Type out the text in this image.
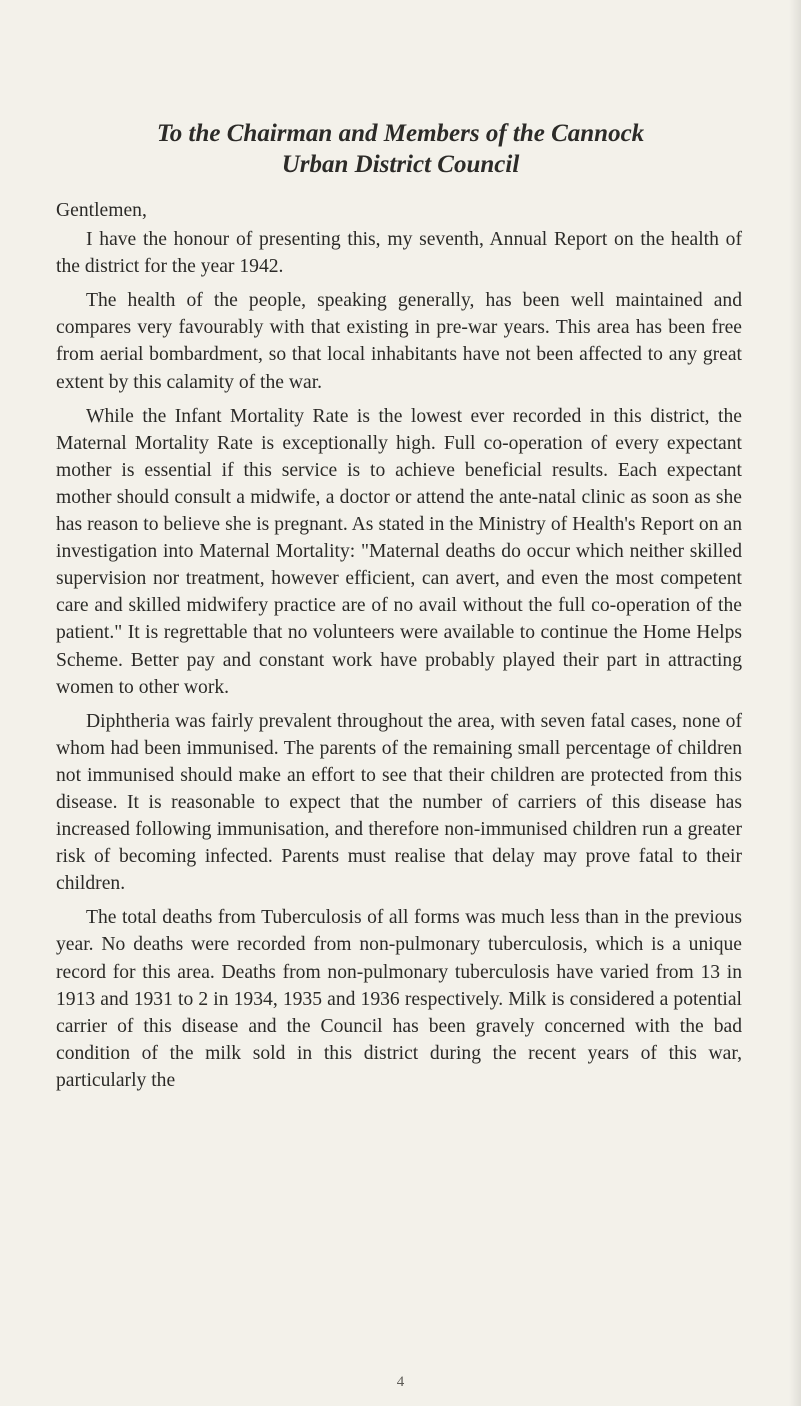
To the Chairman and Members of the Cannock
Urban District Council

Gentlemen,

I have the honour of presenting this, my seventh, Annual Report on the health of the district for the year 1942.

The health of the people, speaking generally, has been well maintained and compares very favourably with that existing in pre-war years. This area has been free from aerial bombardment, so that local inhabitants have not been affected to any great extent by this calamity of the war.

While the Infant Mortality Rate is the lowest ever recorded in this district, the Maternal Mortality Rate is exceptionally high. Full co-operation of every expectant mother is essential if this service is to achieve beneficial results. Each expectant mother should consult a midwife, a doctor or attend the ante-natal clinic as soon as she has reason to believe she is pregnant. As stated in the Ministry of Health's Report on an investigation into Maternal Mortality: "Maternal deaths do occur which neither skilled supervision nor treatment, however efficient, can avert, and even the most competent care and skilled midwifery practice are of no avail without the full co-operation of the patient." It is regrettable that no volunteers were available to continue the Home Helps Scheme. Better pay and constant work have probably played their part in attracting women to other work.

Diphtheria was fairly prevalent throughout the area, with seven fatal cases, none of whom had been immunised. The parents of the remaining small percentage of children not immunised should make an effort to see that their children are protected from this disease. It is reasonable to expect that the number of carriers of this disease has increased following immunisation, and therefore non-immunised children run a greater risk of becoming infected. Parents must realise that delay may prove fatal to their children.

The total deaths from Tuberculosis of all forms was much less than in the previous year. No deaths were recorded from non-pulmonary tuberculosis, which is a unique record for this area. Deaths from non-pulmonary tuberculosis have varied from 13 in 1913 and 1931 to 2 in 1934, 1935 and 1936 respectively. Milk is considered a potential carrier of this disease and the Council has been gravely concerned with the bad condition of the milk sold in this district during the recent years of this war, particularly the

4
